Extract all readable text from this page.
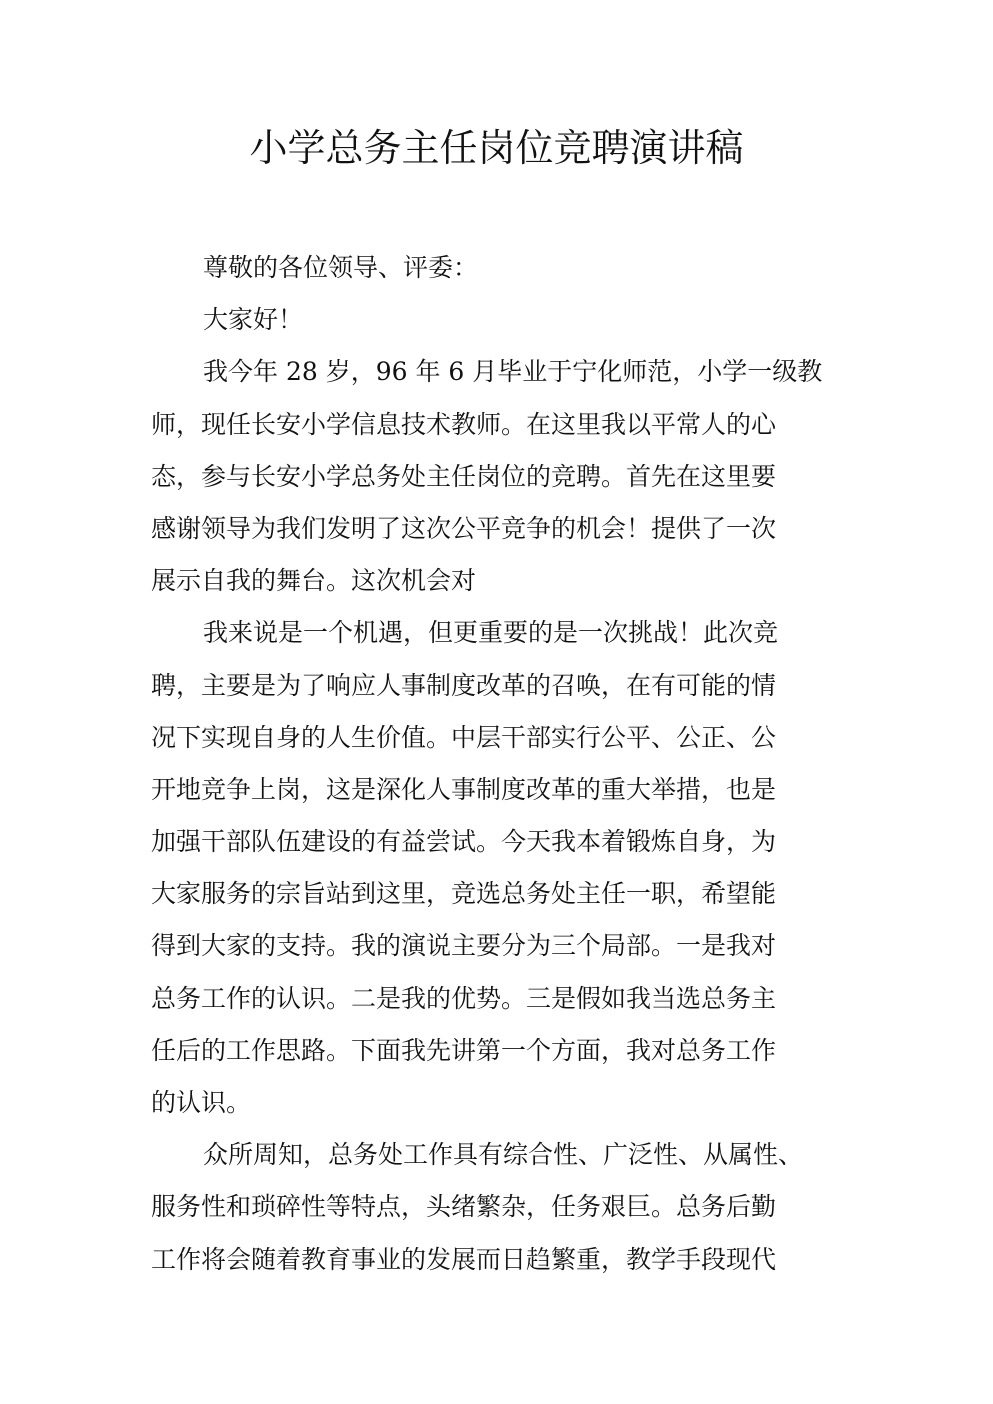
小学总务主任岗位竞聘演讲稿
尊敬的各位领导、评委：
大家好！
我今年 28 岁，96 年 6 月毕业于宁化师范，小学一级教
师，现任长安小学信息技术教师。在这里我以平常人的心
态，参与长安小学总务处主任岗位的竞聘。首先在这里要
感谢领导为我们发明了这次公平竞争的机会！提供了一次
展示自我的舞台。这次机会对
我来说是一个机遇，但更重要的是一次挑战！此次竞
聘，主要是为了响应人事制度改革的召唤，在有可能的情
况下实现自身的人生价值。中层干部实行公平、公正、公
开地竞争上岗，这是深化人事制度改革的重大举措，也是
加强干部队伍建设的有益尝试。今天我本着锻炼自身，为
大家服务的宗旨站到这里，竞选总务处主任一职，希望能
得到大家的支持。我的演说主要分为三个局部。一是我对
总务工作的认识。二是我的优势。三是假如我当选总务主
任后的工作思路。下面我先讲第一个方面，我对总务工作
的认识。
众所周知，总务处工作具有综合性、广泛性、从属性、
服务性和琐碎性等特点，头绪繁杂，任务艰巨。总务后勤
工作将会随着教育事业的发展而日趋繁重，教学手段现代
